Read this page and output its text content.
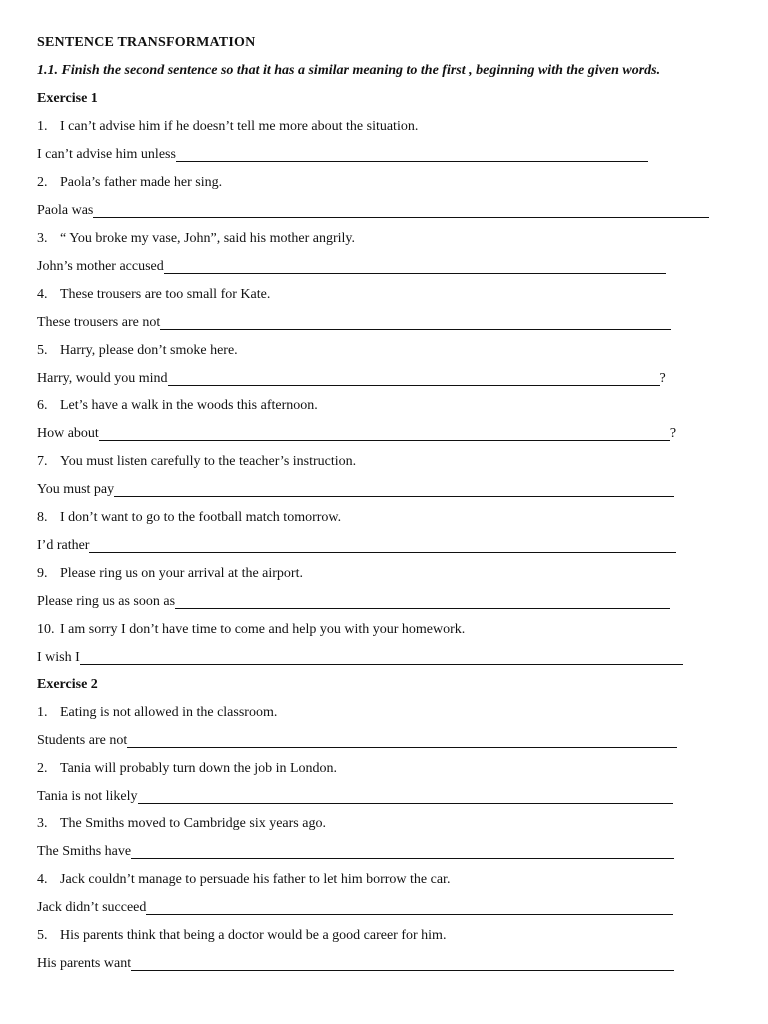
SENTENCE TRANSFORMATION
1.1. Finish the second sentence so that it has a similar meaning to the first , beginning with the given words.
Exercise 1
1. I can’t advise him if he doesn’t tell me more about the situation.
I can’t advise him unless
2. Paola’s father made her sing.
Paola was
3. “ You broke my vase, John”, said his mother angrily.
John’s mother accused
4. These trousers are too small for Kate.
These trousers are not
5. Harry, please don’t smoke here.
Harry, would you mind	?
6. Let’s have a walk in the woods this afternoon.
How about	?
7. You must listen carefully to the teacher’s instruction.
You must pay
8. I don’t want to go to the football match tomorrow.
I’d rather
9. Please ring us on your arrival at the airport.
Please ring us as soon as
10. I am sorry I don’t have time to come and help you with your homework.
I wish I
Exercise 2
1. Eating is not allowed in the classroom.
Students are not
2. Tania will probably turn down the job in London.
Tania is not likely
3. The Smiths moved to Cambridge six years ago.
The Smiths have
4. Jack couldn’t manage to persuade his father to let him borrow the car.
Jack didn’t succeed
5. His parents think that being a doctor would be a good career for him.
His parents want
